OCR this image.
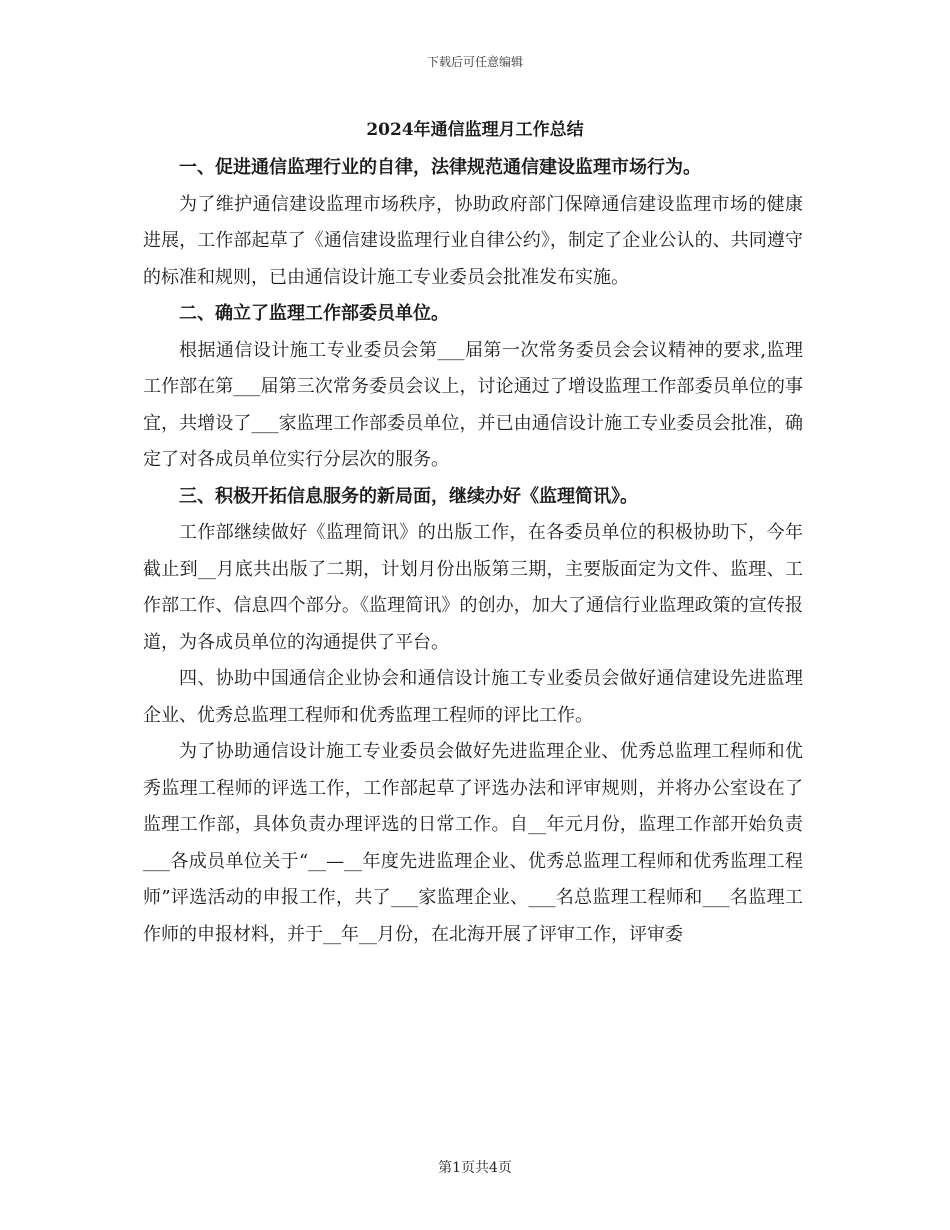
下载后可任意编辑
2024年通信监理月工作总结

一、促进通信监理行业的自律，法律规范通信建设监理市场行为。

为了维护通信建设监理市场秩序，协助政府部门保障通信建设监理市场的健康进展，工作部起草了《通信建设监理行业自律公约》，制定了企业公认的、共同遵守的标准和规则，已由通信设计施工专业委员会批准发布实施。

二、确立了监理工作部委员单位。

根据通信设计施工专业委员会第___届第一次常务委员会会议精神的要求,监理工作部在第___届第三次常务委员会议上，讨论通过了增设监理工作部委员单位的事宜，共增设了___家监理工作部委员单位，并已由通信设计施工专业委员会批准，确定了对各成员单位实行分层次的服务。

三、积极开拓信息服务的新局面，继续办好《监理简讯》。

工作部继续做好《监理简讯》的出版工作，在各委员单位的积极协助下，今年截止到__月底共出版了二期，计划月份出版第三期，主要版面定为文件、监理、工作部工作、信息四个部分。《监理简讯》的创办，加大了通信行业监理政策的宣传报道，为各成员单位的沟通提供了平台。

四、协助中国通信企业协会和通信设计施工专业委员会做好通信建设先进监理企业、优秀总监理工程师和优秀监理工程师的评比工作。

为了协助通信设计施工专业委员会做好先进监理企业、优秀总监理工程师和优秀监理工程师的评选工作，工作部起草了评选办法和评审规则，并将办公室设在了监理工作部，具体负责办理评选的日常工作。自__年元月份，监理工作部开始负责___各成员单位关于“__—__年度先进监理企业、优秀总监理工程师和优秀监理工程师”评选活动的申报工作，共了___家监理企业、___名总监理工程师和___名监理工作师的申报材料，并于__年__月份，在北海开展了评审工作，评审委

第1页共4页
